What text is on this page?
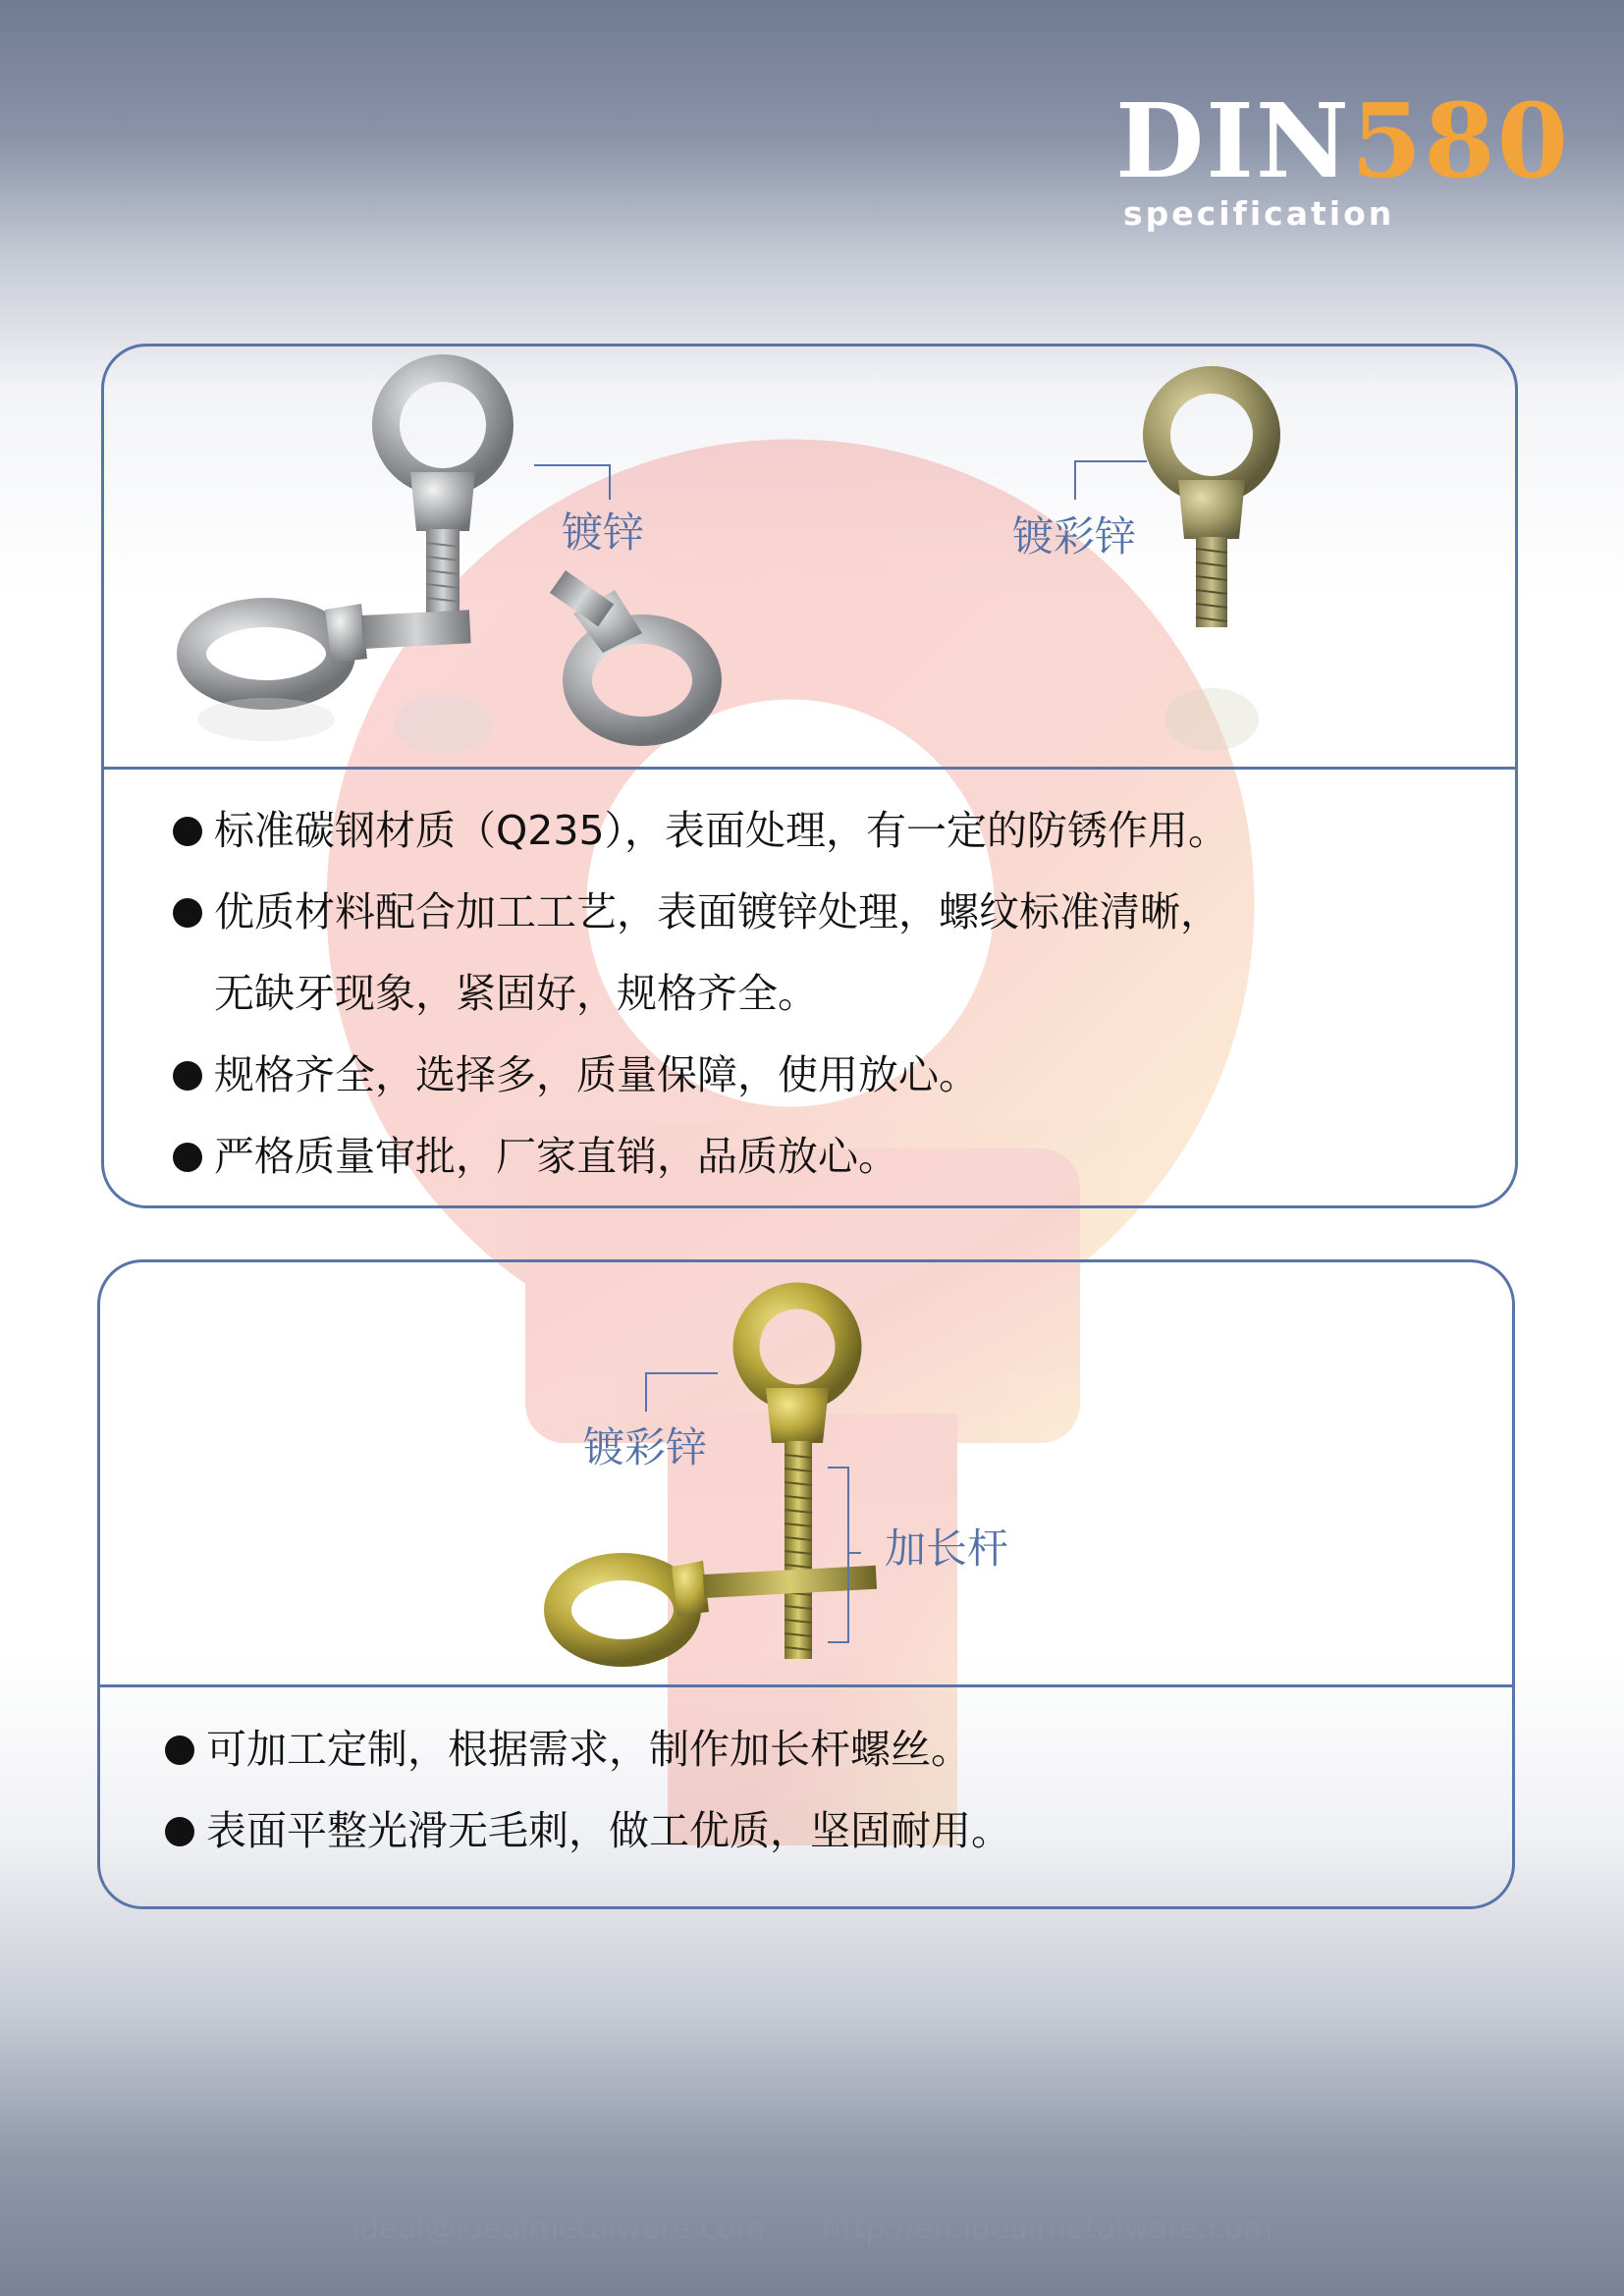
DIN580
specification
镀锌	镀彩锌
标准碳钢材质（Q235），表面处理，有一定的防锈作用。
优质材料配合加工工艺，表面镀锌处理，螺纹标准清晰，
无缺牙现象，紧固好，规格齐全。
规格齐全，选择多，质量保障，使用放心。
严格质量审批，厂家直销，品质放心。
镀彩锌
加长杆
可加工定制，根据需求，制作加长杆螺丝。
表面平整光滑无毛刺，做工优质，坚固耐用。
ideal@idealmetalware.com http://en.idealmetalware.com
